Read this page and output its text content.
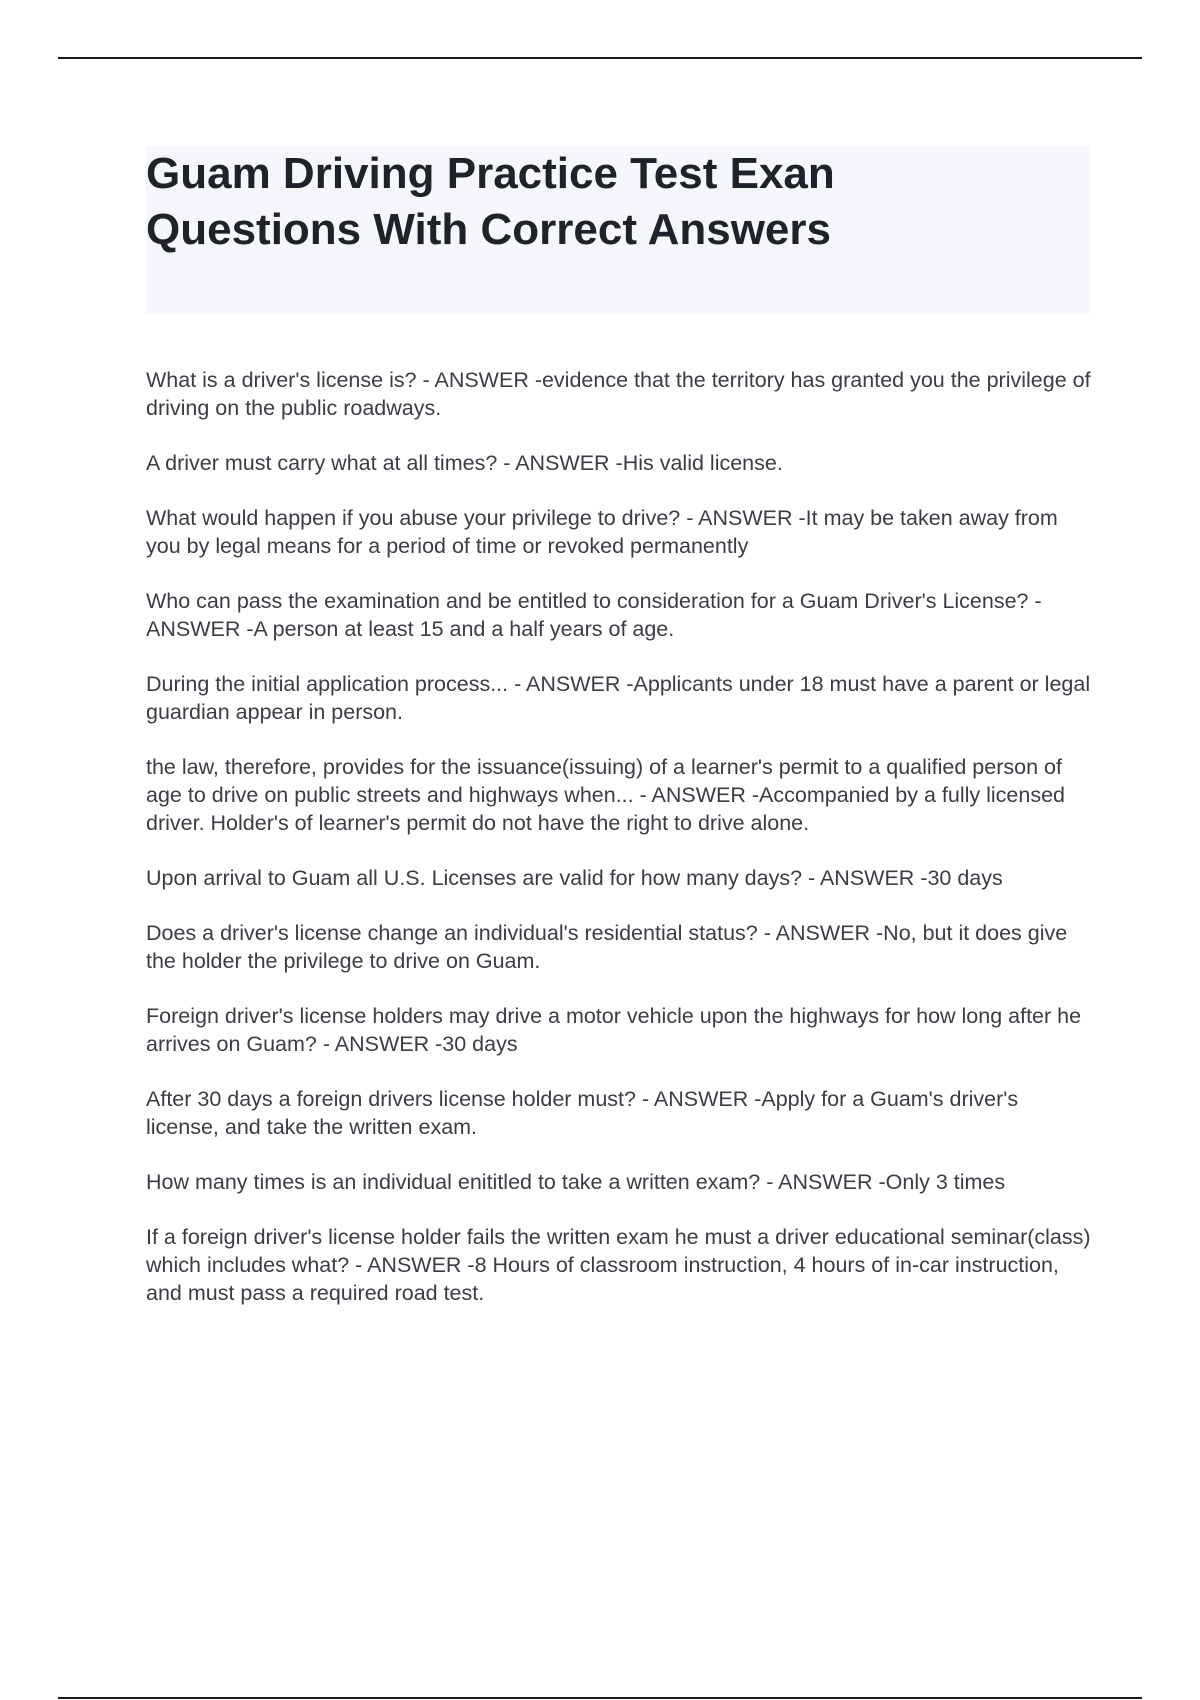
Guam Driving Practice Test Exan Questions With Correct Answers

What is a driver's license is? - ANSWER -evidence that the territory has granted you the privilege of driving on the public roadways.

A driver must carry what at all times? - ANSWER -His valid license.

What would happen if you abuse your privilege to drive? - ANSWER -It may be taken away from you by legal means for a period of time or revoked permanently

Who can pass the examination and be entitled to consideration for a Guam Driver's License? - ANSWER -A person at least 15 and a half years of age.

During the initial application process... - ANSWER -Applicants under 18 must have a parent or legal guardian appear in person.

the law, therefore, provides for the issuance(issuing) of a learner's permit to a qualified person of age to drive on public streets and highways when... - ANSWER -Accompanied by a fully licensed driver. Holder's of learner's permit do not have the right to drive alone.

Upon arrival to Guam all U.S. Licenses are valid for how many days? - ANSWER -30 days

Does a driver's license change an individual's residential status? - ANSWER -No, but it does give the holder the privilege to drive on Guam.

Foreign driver's license holders may drive a motor vehicle upon the highways for how long after he arrives on Guam? - ANSWER -30 days

After 30 days a foreign drivers license holder must? - ANSWER -Apply for a Guam's driver's license, and take the written exam.

How many times is an individual enititled to take a written exam? - ANSWER -Only 3 times

If a foreign driver's license holder fails the written exam he must a driver educational seminar(class) which includes what? - ANSWER -8 Hours of classroom instruction, 4 hours of in-car instruction, and must pass a required road test.
